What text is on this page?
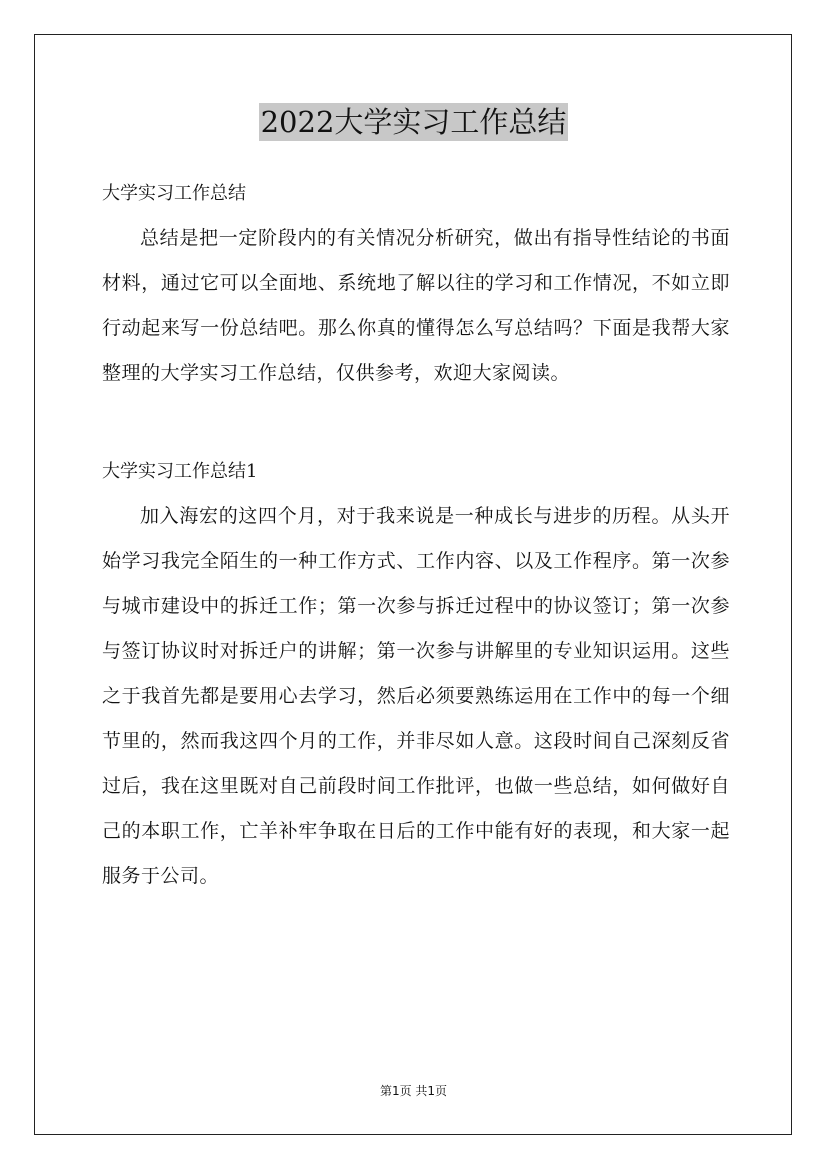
2022大学实习工作总结

大学实习工作总结

总结是把一定阶段内的有关情况分析研究，做出有指导性结论的书面材料，通过它可以全面地、系统地了解以往的学习和工作情况，不如立即行动起来写一份总结吧。那么你真的懂得怎么写总结吗？下面是我帮大家整理的大学实习工作总结，仅供参考，欢迎大家阅读。

大学实习工作总结1

加入海宏的这四个月，对于我来说是一种成长与进步的历程。从头开始学习我完全陌生的一种工作方式、工作内容、以及工作程序。第一次参与城市建设中的拆迁工作；第一次参与拆迁过程中的协议签订；第一次参与签订协议时对拆迁户的讲解；第一次参与讲解里的专业知识运用。这些之于我首先都是要用心去学习，然后必须要熟练运用在工作中的每一个细节里的，然而我这四个月的工作，并非尽如人意。这段时间自己深刻反省过后，我在这里既对自己前段时间工作批评，也做一些总结，如何做好自己的本职工作，亡羊补牢争取在日后的工作中能有好的表现，和大家一起服务于公司。

第1页 共1页
